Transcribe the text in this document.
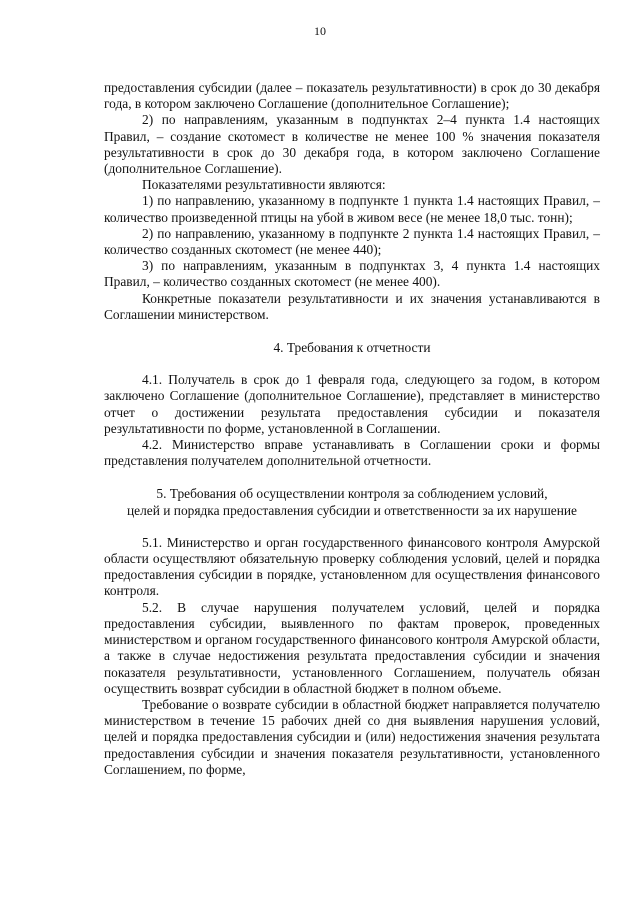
10

предоставления субсидии (далее – показатель результативности) в срок до 30 декабря года, в котором заключено Соглашение (дополнительное Соглашение);

2) по направлениям, указанным в подпунктах 2–4 пункта 1.4 настоящих Правил, – создание скотомест в количестве не менее 100 % значения показателя результативности в срок до 30 декабря года, в котором заключено Соглашение (дополнительное Соглашение).

Показателями результативности являются:

1) по направлению, указанному в подпункте 1 пункта 1.4 настоящих Правил, – количество произведенной птицы на убой в живом весе (не менее 18,0 тыс. тонн);

2) по направлению, указанному в подпункте 2 пункта 1.4 настоящих Правил, – количество созданных скотомест (не менее 440);

3) по направлениям, указанным в подпунктах 3, 4 пункта 1.4 настоящих Правил, – количество созданных скотомест (не менее 400).

Конкретные показатели результативности и их значения устанавливаются в Соглашении министерством.

4. Требования к отчетности

4.1. Получатель в срок до 1 февраля года, следующего за годом, в котором заключено Соглашение (дополнительное Соглашение), представляет в министерство отчет о достижении результата предоставления субсидии и показателя результативности по форме, установленной в Соглашении.

4.2. Министерство вправе устанавливать в Соглашении сроки и формы представления получателем дополнительной отчетности.

5. Требования об осуществлении контроля за соблюдением условий,
целей и порядка предоставления субсидии и ответственности за их нарушение

5.1. Министерство и орган государственного финансового контроля Амурской области осуществляют обязательную проверку соблюдения условий, целей и порядка предоставления субсидии в порядке, установленном для осуществления финансового контроля.

5.2. В случае нарушения получателем условий, целей и порядка предоставления субсидии, выявленного по фактам проверок, проведенных министерством и органом государственного финансового контроля Амурской области, а также в случае недостижения результата предоставления субсидии и значения показателя результативности, установленного Соглашением, получатель обязан осуществить возврат субсидии в областной бюджет в полном объеме.

Требование о возврате субсидии в областной бюджет направляется получателю министерством в течение 15 рабочих дней со дня выявления нарушения условий, целей и порядка предоставления субсидии и (или) недостижения значения результата предоставления субсидии и значения показателя результативности, установленного Соглашением, по форме,
